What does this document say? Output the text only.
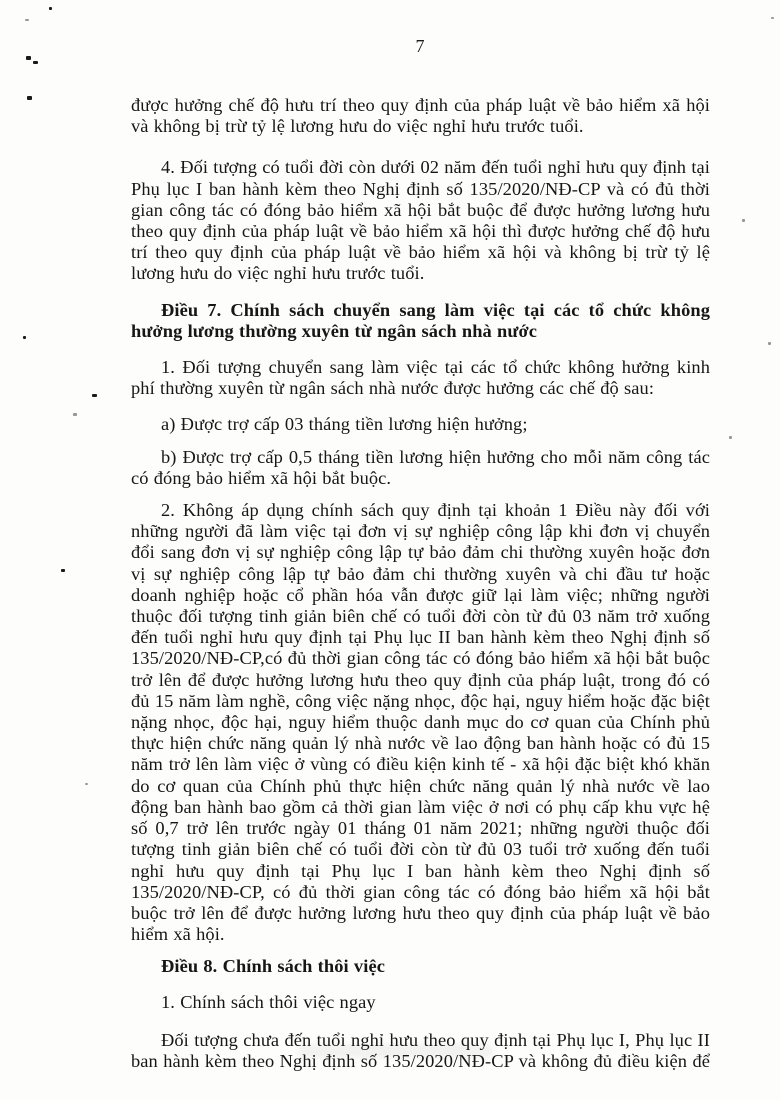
7
được hưởng chế độ hưu trí theo quy định của pháp luật về bảo hiểm xã hội và không bị trừ tỷ lệ lương hưu do việc nghỉ hưu trước tuổi.
4. Đối tượng có tuổi đời còn dưới 02 năm đến tuổi nghỉ hưu quy định tại Phụ lục I ban hành kèm theo Nghị định số 135/2020/NĐ-CP và có đủ thời gian công tác có đóng bảo hiểm xã hội bắt buộc để được hưởng lương hưu theo quy định của pháp luật về bảo hiểm xã hội thì được hưởng chế độ hưu trí theo quy định của pháp luật về bảo hiểm xã hội và không bị trừ tỷ lệ lương hưu do việc nghỉ hưu trước tuổi.
Điều 7. Chính sách chuyển sang làm việc tại các tổ chức không hưởng lương thường xuyên từ ngân sách nhà nước
1. Đối tượng chuyển sang làm việc tại các tổ chức không hưởng kinh phí thường xuyên từ ngân sách nhà nước được hưởng các chế độ sau:
a) Được trợ cấp 03 tháng tiền lương hiện hưởng;
b) Được trợ cấp 0,5 tháng tiền lương hiện hưởng cho mỗi năm công tác có đóng bảo hiểm xã hội bắt buộc.
2. Không áp dụng chính sách quy định tại khoản 1 Điều này đối với những người đã làm việc tại đơn vị sự nghiệp công lập khi đơn vị chuyển đổi sang đơn vị sự nghiệp công lập tự bảo đảm chi thường xuyên hoặc đơn vị sự nghiệp công lập tự bảo đảm chi thường xuyên và chi đầu tư hoặc doanh nghiệp hoặc cổ phần hóa vẫn được giữ lại làm việc; những người thuộc đối tượng tinh giản biên chế có tuổi đời còn từ đủ 03 năm trở xuống đến tuổi nghỉ hưu quy định tại Phụ lục II ban hành kèm theo Nghị định số 135/2020/NĐ-CP,có đủ thời gian công tác có đóng bảo hiểm xã hội bắt buộc trở lên để được hưởng lương hưu theo quy định của pháp luật, trong đó có đủ 15 năm làm nghề, công việc nặng nhọc, độc hại, nguy hiểm hoặc đặc biệt nặng nhọc, độc hại, nguy hiểm thuộc danh mục do cơ quan của Chính phủ thực hiện chức năng quản lý nhà nước về lao động ban hành hoặc có đủ 15 năm trở lên làm việc ở vùng có điều kiện kinh tế - xã hội đặc biệt khó khăn do cơ quan của Chính phủ thực hiện chức năng quản lý nhà nước về lao động ban hành bao gồm cả thời gian làm việc ở nơi có phụ cấp khu vực hệ số 0,7 trở lên trước ngày 01 tháng 01 năm 2021; những người thuộc đối tượng tinh giản biên chế có tuổi đời còn từ đủ 03 tuổi trở xuống đến tuổi nghỉ hưu quy định tại Phụ lục I ban hành kèm theo Nghị định số 135/2020/NĐ-CP, có đủ thời gian công tác có đóng bảo hiểm xã hội bắt buộc trở lên để được hưởng lương hưu theo quy định của pháp luật về bảo hiểm xã hội.
Điều 8. Chính sách thôi việc
1. Chính sách thôi việc ngay
Đối tượng chưa đến tuổi nghỉ hưu theo quy định tại Phụ lục I, Phụ lục II ban hành kèm theo Nghị định số 135/2020/NĐ-CP và không đủ điều kiện để
